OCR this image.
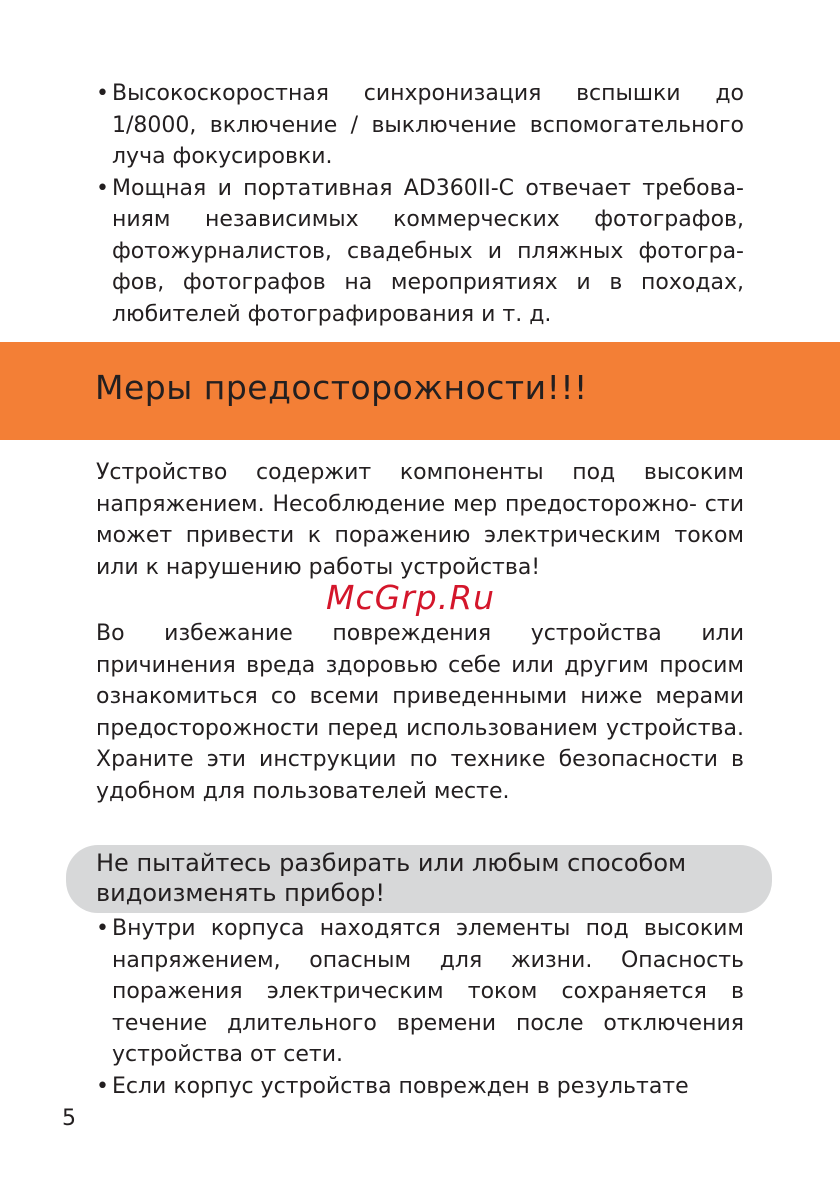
• Высокоскоростная синхронизация вспышки до 1/8000, включение / выключение вспомогательного луча фокусировки.
• Мощная и портативная AD360II-C отвечает требова- ниям независимых коммерческих фотографов, фотожурналистов, свадебных и пляжных фотогра- фов, фотографов на мероприятиях и в походах, любителей фотографирования и т. д.
Меры предосторожности!!!

Устройство содержит компоненты под высоким напряжением. Несоблюдение мер предосторожно- сти может привести к поражению электрическим током или к нарушению работы устройства!

McGrp.Ru

Во избежание повреждения устройства или причинения вреда здоровью себе или другим просим ознакомиться со всеми приведенными ниже мерами предосторожности перед использованием устройства. Храните эти инструкции по технике безопасности в удобном для пользователей месте.

Не пытайтесь разбирать или любым способом видоизменять прибор!
• Внутри корпуса находятся элементы под высоким напряжением, опасным для жизни. Опасность поражения электрическим током сохраняется в течение длительного времени после отключения устройства от сети.
• Если корпус устройства поврежден в результате
5
